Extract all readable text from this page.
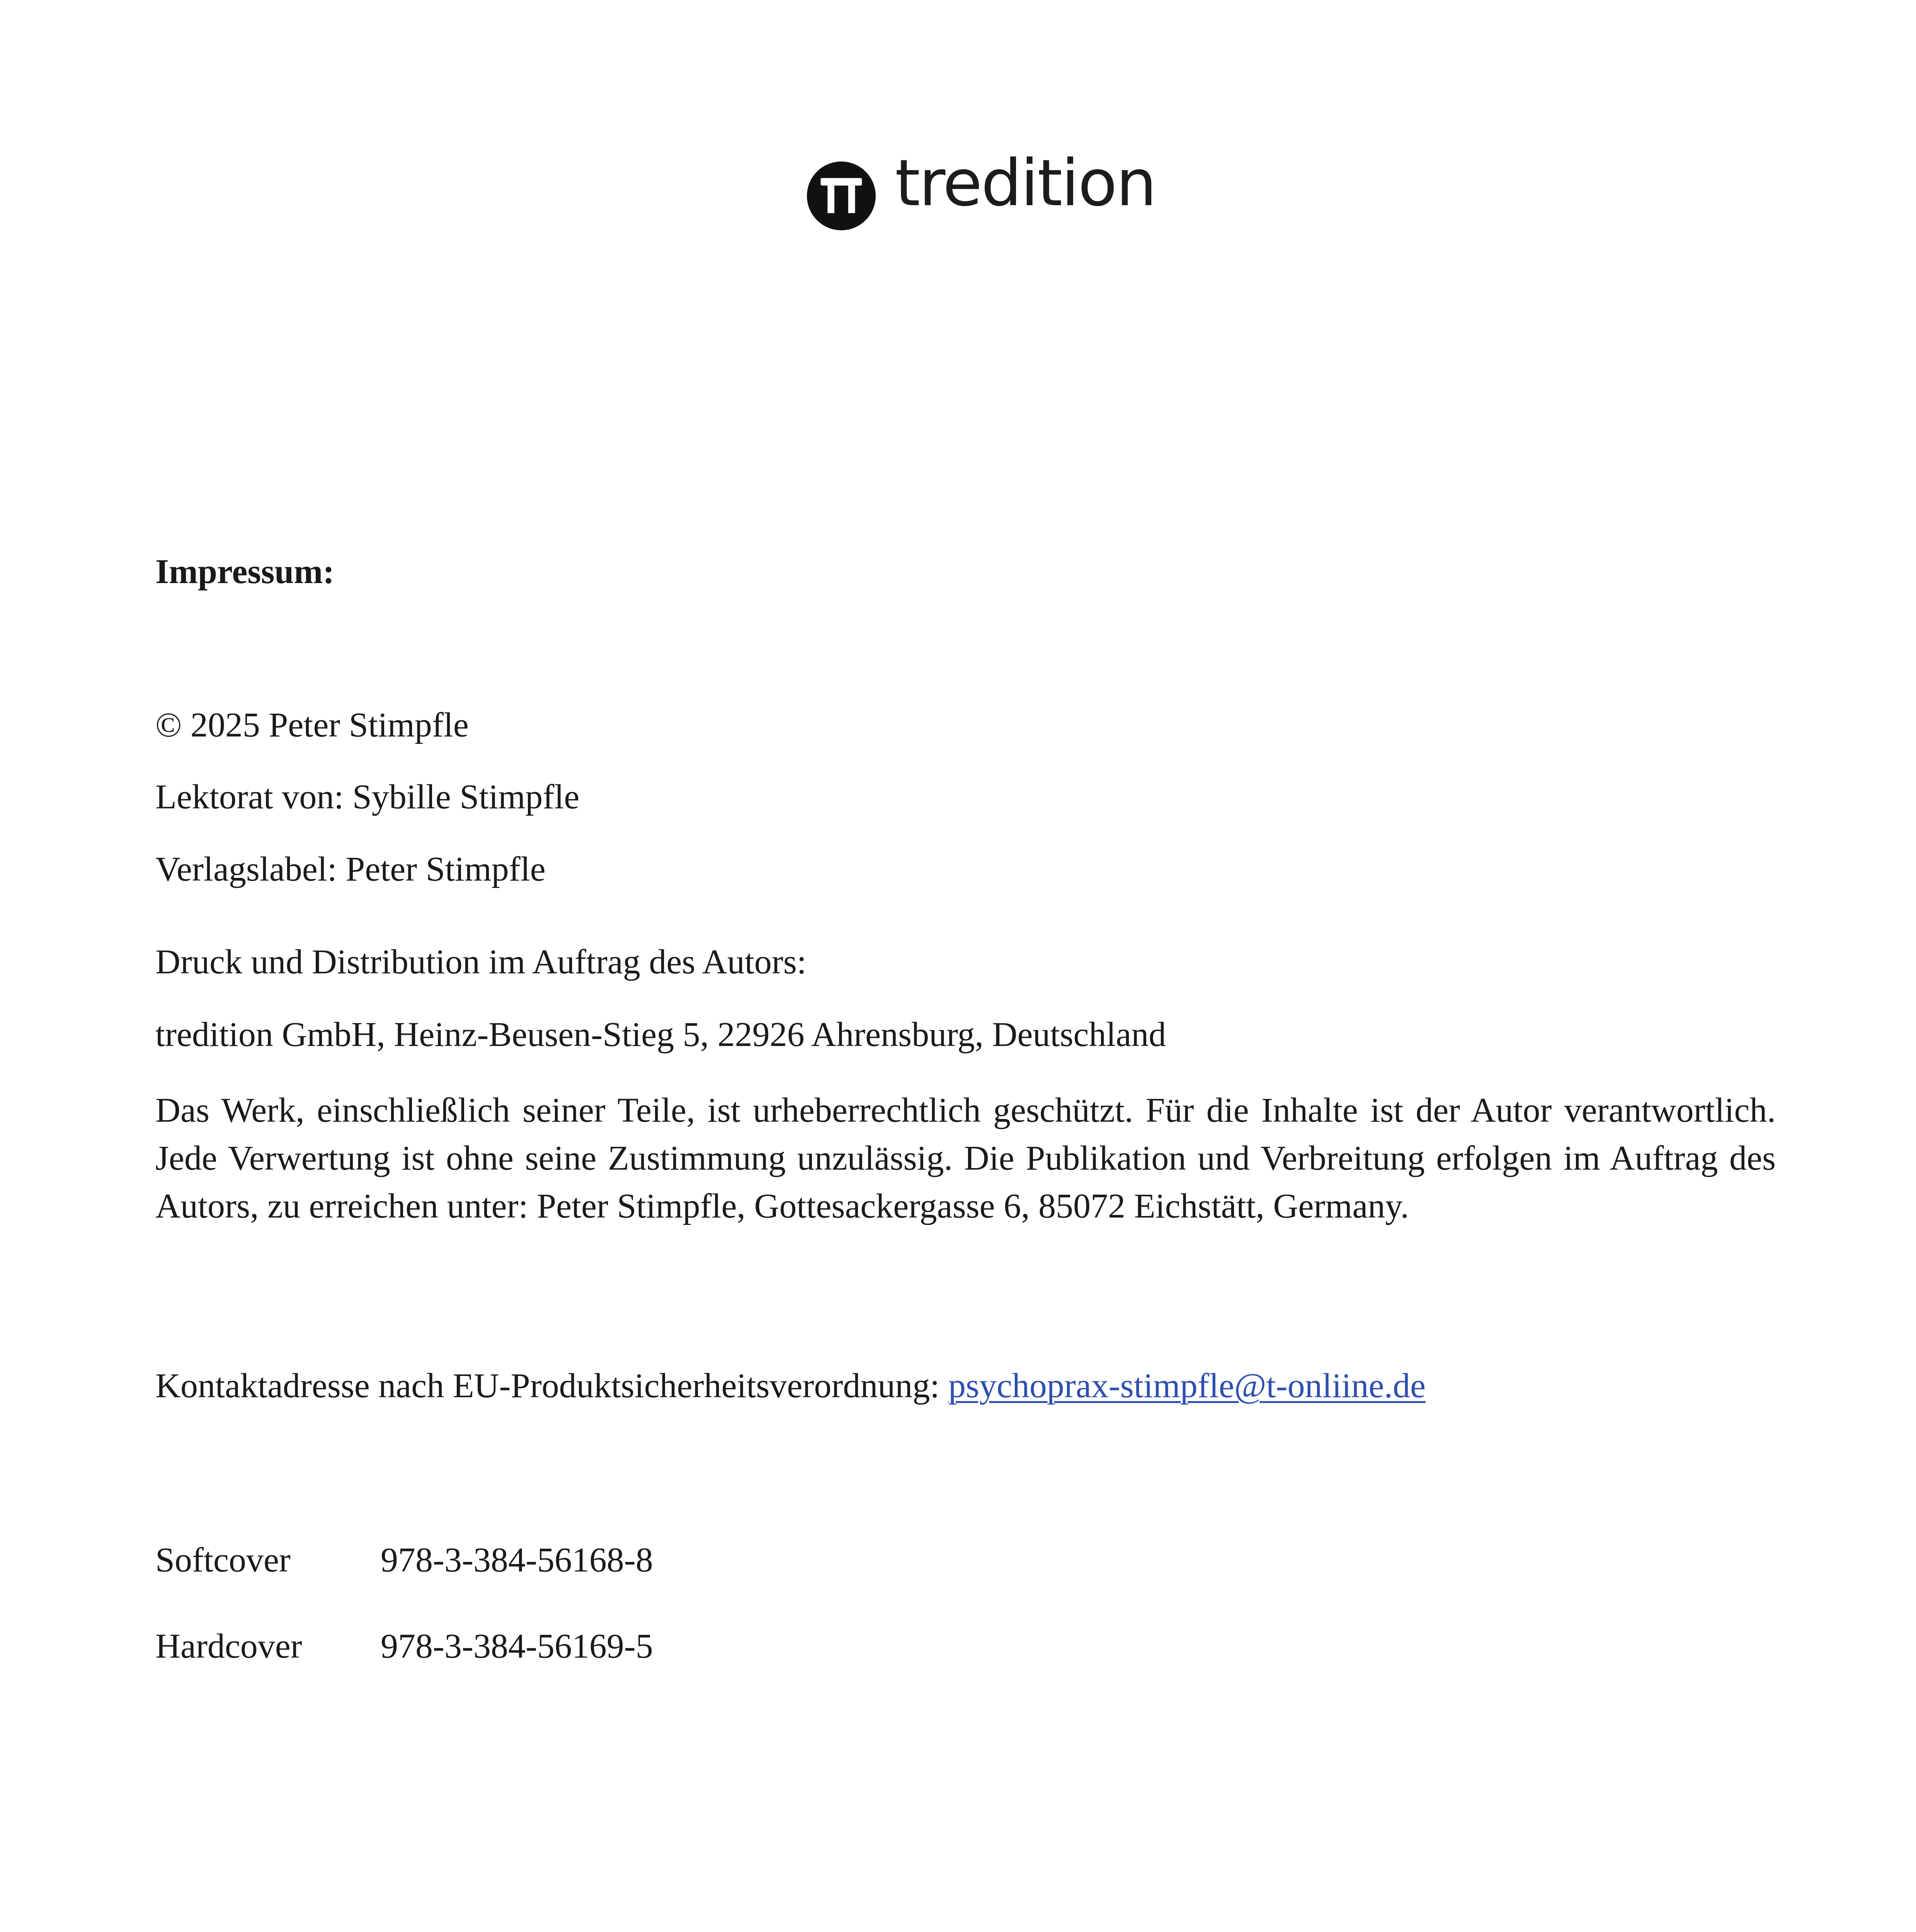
tredition
Impressum:
© 2025 Peter Stimpfle
Lektorat von: Sybille Stimpfle
Verlagslabel: Peter Stimpfle
Druck und Distribution im Auftrag des Autors:
tredition GmbH, Heinz-Beusen-Stieg 5, 22926 Ahrensburg, Deutschland
Das Werk, einschließlich seiner Teile, ist urheberrechtlich geschützt. Für die Inhalte ist der Autor verantwortlich. Jede Verwertung ist ohne seine Zustimmung unzulässig. Die Publikation und Verbreitung erfolgen im Auftrag des Autors, zu erreichen unter: Peter Stimpfle, Gottesackergasse 6, 85072 Eichstätt, Germany.
Kontaktadresse nach EU-Produktsicherheitsverordnung: psychoprax-stimpfle@t-onliine.de
Softcover	978-3-384-56168-8
Hardcover 978-3-384-56169-5
